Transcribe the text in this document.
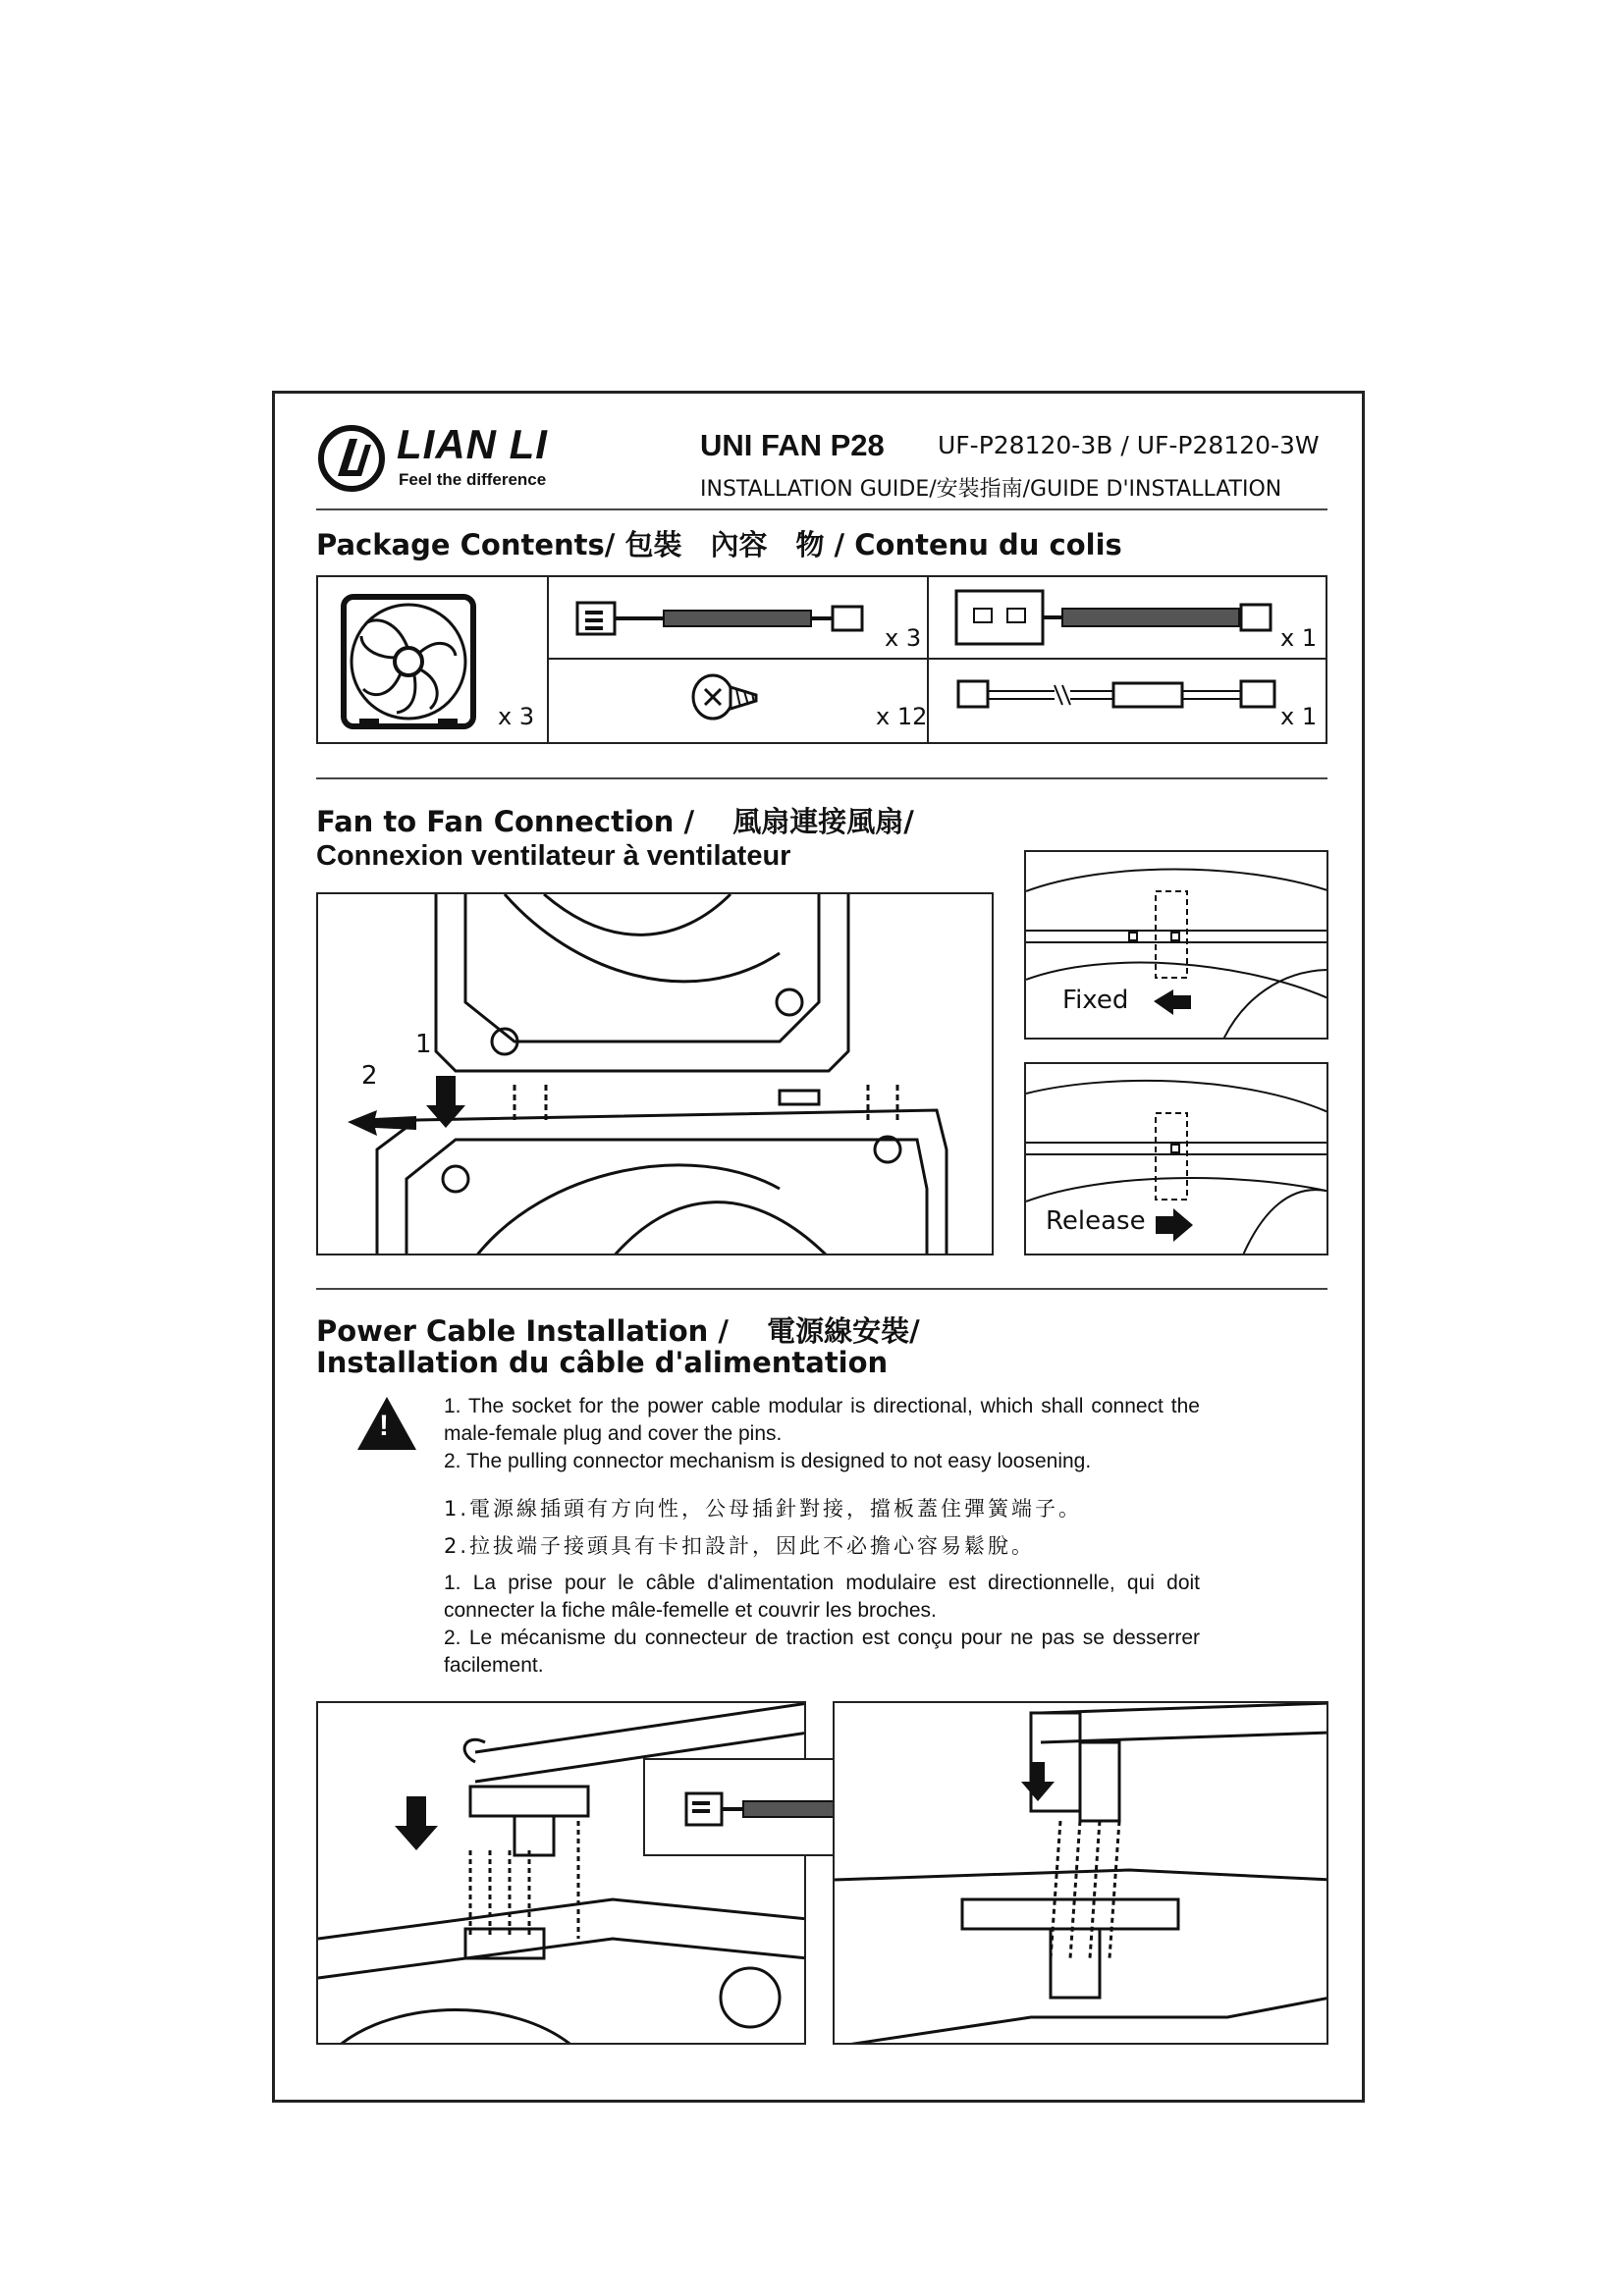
LIAN LI
Feel the difference
UNI FAN P28 UF-P28120-3B / UF-P28120-3W
INSTALLATION GUIDE/安裝指南/GUIDE D'INSTALLATION
Package Contents/ 包裝　內容　物 / Contenu du colis
x 3
x 3	x 1
x 12	x 1
Fan to Fan Connection / 　風扇連接風扇/
Connexion ventilateur à ventilateur
1
2
Fixed
Release
Power Cable Installation / 　電源線安裝/
Installation du câble d'alimentation
!
1. The socket for the power cable modular is directional, which shall connect the male-female plug and cover the pins.
2. The pulling connector mechanism is designed to not easy loosening.
1.電源線插頭有方向性，公母插針對接，擋板蓋住彈簧端子。
2.拉拔端子接頭具有卡扣設計，因此不必擔心容易鬆脫。
1. La prise pour le câble d'alimentation modulaire est directionnelle, qui doit connecter la fiche mâle-femelle et couvrir les broches.
2. Le mécanisme du connecteur de traction est conçu pour ne pas se desserrer facilement.
